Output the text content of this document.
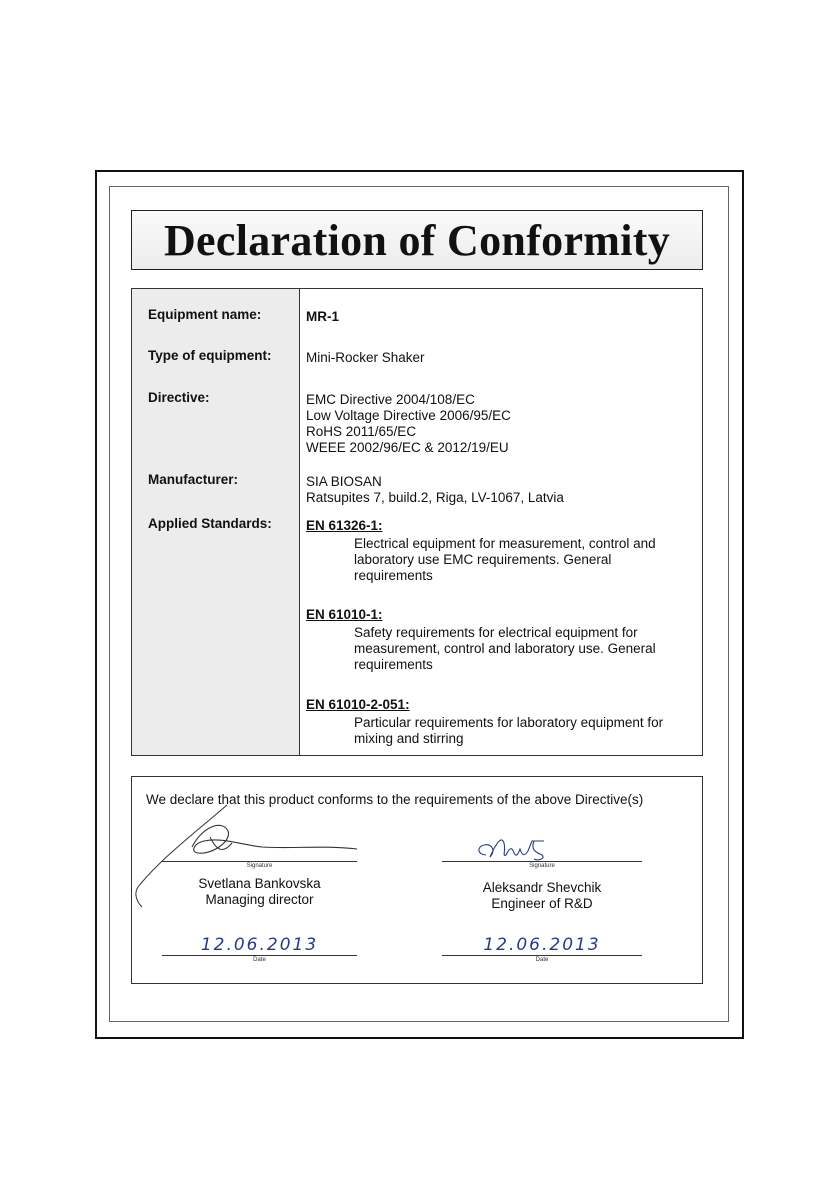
Declaration of Conformity
Equipment name:	MR-1
Type of equipment:	Mini-Rocker Shaker
Directive:	EMC Directive 2004/108/EC
Low Voltage Directive 2006/95/EC
RoHS 2011/65/EC
WEEE 2002/96/EC & 2012/19/EU
Manufacturer:	SIA BIOSAN
Ratsupites 7, build.2, Riga, LV-1067, Latvia
Applied Standards:	EN 61326-1:
Electrical equipment for measurement, control and
laboratory use EMC requirements. General
requirements
EN 61010-1:
Safety requirements for electrical equipment for
measurement, control and laboratory use. General
requirements
EN 61010-2-051:
Particular requirements for laboratory equipment for
mixing and stirring
We declare that this product conforms to the requirements of the above Directive(s)
Signature
Svetlana Bankovska
Managing director
12.06.2013
Date
Signature
Aleksandr Shevchik
Engineer of R&D
12.06.2013
Date
